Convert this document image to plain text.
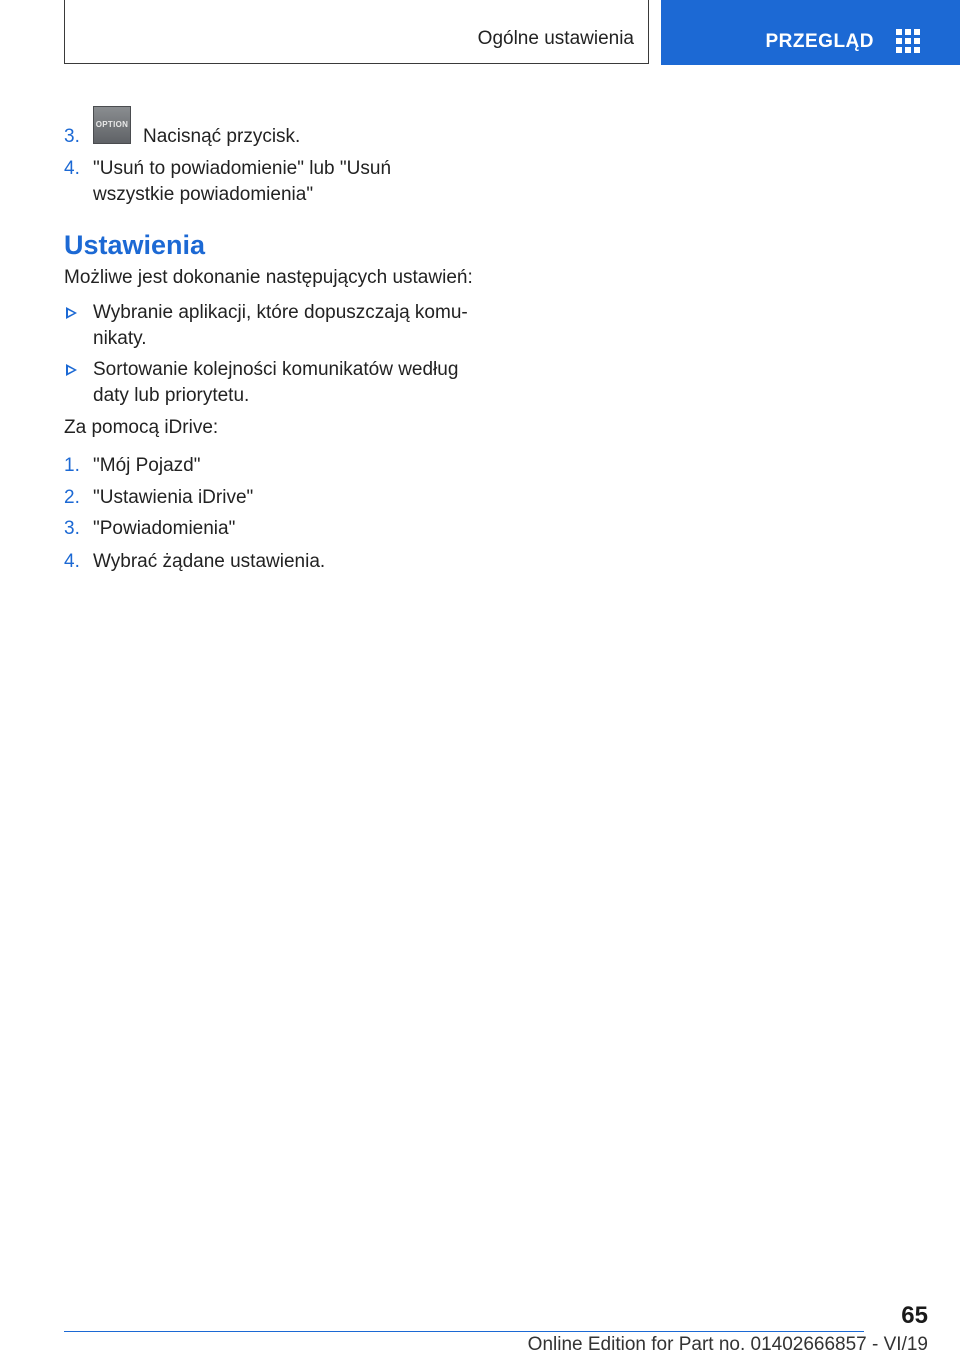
Ogólne ustawienia	PRZEGLĄD
3.
OPTION
Nacisnąć przycisk.
4. "Usuń to powiadomienie" lub "Usuń wszystkie powiadomienia"
Ustawienia
Możliwe jest dokonanie następujących ustawień:
Wybranie aplikacji, które dopuszczają komunikaty.
Sortowanie kolejności komunikatów według daty lub priorytetu.
Za pomocą iDrive:
1. "Mój Pojazd"
2. "Ustawienia iDrive"
3. "Powiadomienia"
4. Wybrać żądane ustawienia.
65
Online Edition for Part no. 01402666857 - VI/19
